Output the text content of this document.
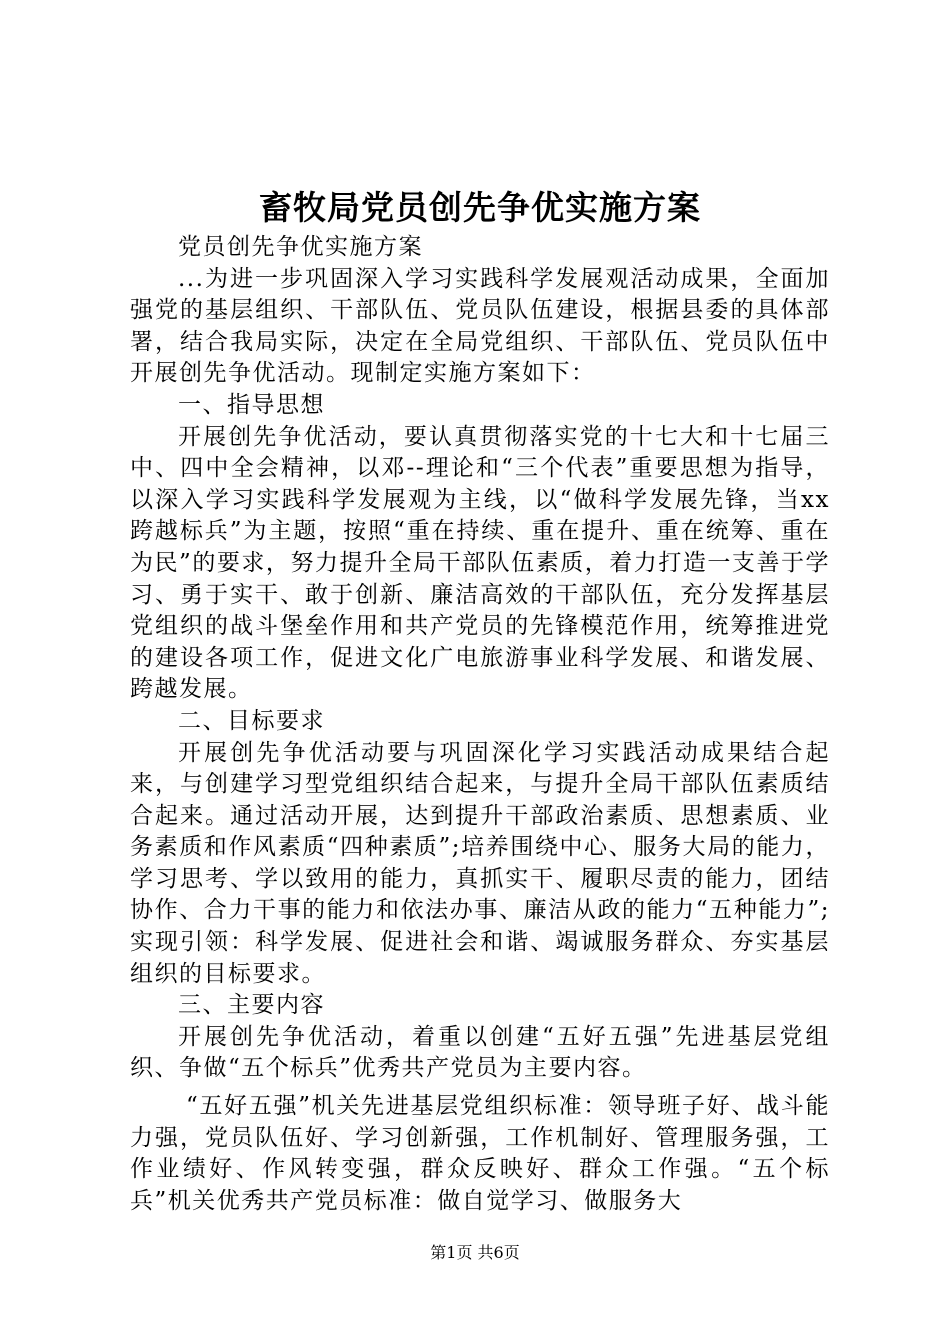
畜牧局党员创先争优实施方案

党员创先争优实施方案

...为进一步巩固深入学习实践科学发展观活动成果，全面加强党的基层组织、干部队伍、党员队伍建设，根据县委的具体部署，结合我局实际，决定在全局党组织、干部队伍、党员队伍中开展创先争优活动。现制定实施方案如下：

一、指导思想

开展创先争优活动，要认真贯彻落实党的十七大和十七届三中、四中全会精神，以邓--理论和“三个代表”重要思想为指导，以深入学习实践科学发展观为主线，以“做科学发展先锋，当xx跨越标兵”为主题，按照“重在持续、重在提升、重在统筹、重在为民”的要求，努力提升全局干部队伍素质，着力打造一支善于学习、勇于实干、敢于创新、廉洁高效的干部队伍，充分发挥基层党组织的战斗堡垒作用和共产党员的先锋模范作用，统筹推进党的建设各项工作，促进文化广电旅游事业科学发展、和谐发展、跨越发展。

二、目标要求

开展创先争优活动要与巩固深化学习实践活动成果结合起来，与创建学习型党组织结合起来，与提升全局干部队伍素质结合起来。通过活动开展，达到提升干部政治素质、思想素质、业务素质和作风素质“四种素质”;培养围绕中心、服务大局的能力，学习思考、学以致用的能力，真抓实干、履职尽责的能力，团结协作、合力干事的能力和依法办事、廉洁从政的能力“五种能力”;实现引领：科学发展、促进社会和谐、竭诚服务群众、夯实基层组织的目标要求。

三、主要内容

开展创先争优活动，着重以创建“五好五强”先进基层党组织、争做“五个标兵”优秀共产党员为主要内容。

“五好五强”机关先进基层党组织标准：领导班子好、战斗能力强，党员队伍好、学习创新强，工作机制好、管理服务强，工作业绩好、作风转变强，群众反映好、群众工作强。“五个标兵”机关优秀共产党员标准：做自觉学习、做服务大

第1页 共6页
